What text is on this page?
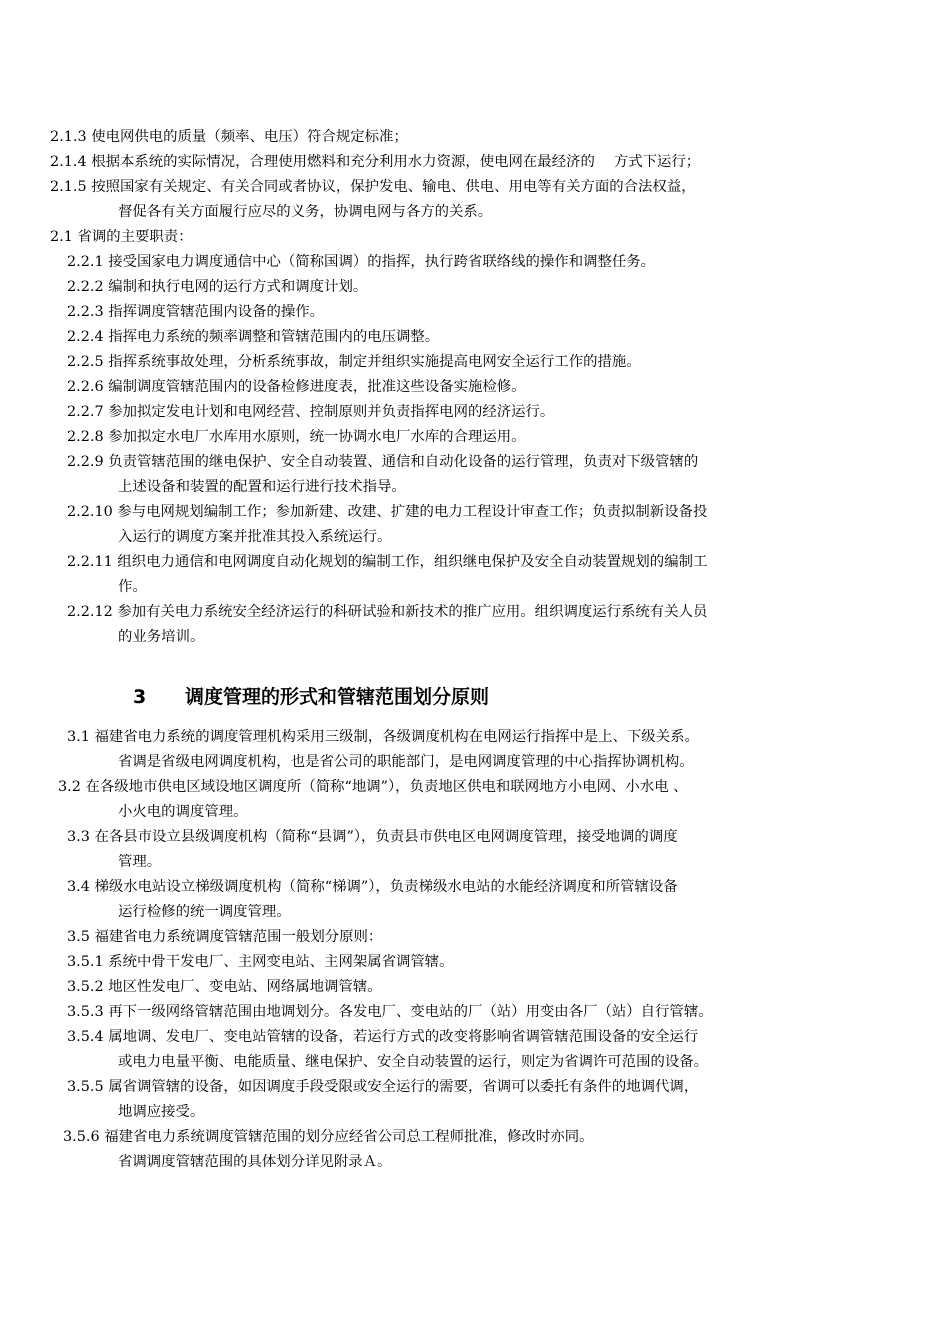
2.1.3 使电网供电的质量（频率、电压）符合规定标准；
2.1.4 根据本系统的实际情况，合理使用燃料和充分利用水力资源，使电网在最经济的　 方式下运行；
2.1.5 按照国家有关规定、有关合同或者协议，保护发电、输电、供电、用电等有关方面的合法权益，
督促各有关方面履行应尽的义务，协调电网与各方的关系。
2.1 省调的主要职责：
2.2.1 接受国家电力调度通信中心（简称国调）的指挥，执行跨省联络线的操作和调整任务。
2.2.2 编制和执行电网的运行方式和调度计划。
2.2.3 指挥调度管辖范围内设备的操作。
2.2.4 指挥电力系统的频率调整和管辖范围内的电压调整。
2.2.5 指挥系统事故处理，分析系统事故，制定并组织实施提高电网安全运行工作的措施。
2.2.6 编制调度管辖范围内的设备检修进度表，批准这些设备实施检修。
2.2.7 参加拟定发电计划和电网经营、控制原则并负责指挥电网的经济运行。
2.2.8 参加拟定水电厂水库用水原则，统一协调水电厂水库的合理运用。
2.2.9 负责管辖范围的继电保护、安全自动装置、通信和自动化设备的运行管理，负责对下级管辖的
上述设备和装置的配置和运行进行技术指导。
2.2.10 参与电网规划编制工作；参加新建、改建、扩建的电力工程设计审查工作；负责拟制新设备投
入运行的调度方案并批准其投入系统运行。
2.2.11 组织电力通信和电网调度自动化规划的编制工作，组织继电保护及安全自动装置规划的编制工
作。
2.2.12 参加有关电力系统安全经济运行的科研试验和新技术的推广应用。组织调度运行系统有关人员
的业务培训。
3 调度管理的形式和管辖范围划分原则
3.1 福建省电力系统的调度管理机构采用三级制，各级调度机构在电网运行指挥中是上、下级关系。
省调是省级电网调度机构，也是省公司的职能部门，是电网调度管理的中心指挥协调机构。
3.2 在各级地市供电区域设地区调度所（简称“地调”），负责地区供电和联网地方小电网、小水电 、
小火电的调度管理。
3.3 在各县市设立县级调度机构（简称“县调”），负责县市供电区电网调度管理，接受地调的调度
管理。
3.4 梯级水电站设立梯级调度机构（简称“梯调”），负责梯级水电站的水能经济调度和所管辖设备
运行检修的统一调度管理。
3.5 福建省电力系统调度管辖范围一般划分原则：
3.5.1 系统中骨干发电厂、主网变电站、主网架属省调管辖。
3.5.2 地区性发电厂、变电站、网络属地调管辖。
3.5.3 再下一级网络管辖范围由地调划分。各发电厂、变电站的厂（站）用变由各厂（站）自行管辖。
3.5.4 属地调、发电厂、变电站管辖的设备，若运行方式的改变将影响省调管辖范围设备的安全运行
或电力电量平衡、电能质量、继电保护、安全自动装置的运行，则定为省调许可范围的设备。
3.5.5 属省调管辖的设备，如因调度手段受限或安全运行的需要，省调可以委托有条件的地调代调，
地调应接受。
3.5.6 福建省电力系统调度管辖范围的划分应经省公司总工程师批准，修改时亦同。
省调调度管辖范围的具体划分详见附录Ａ。
